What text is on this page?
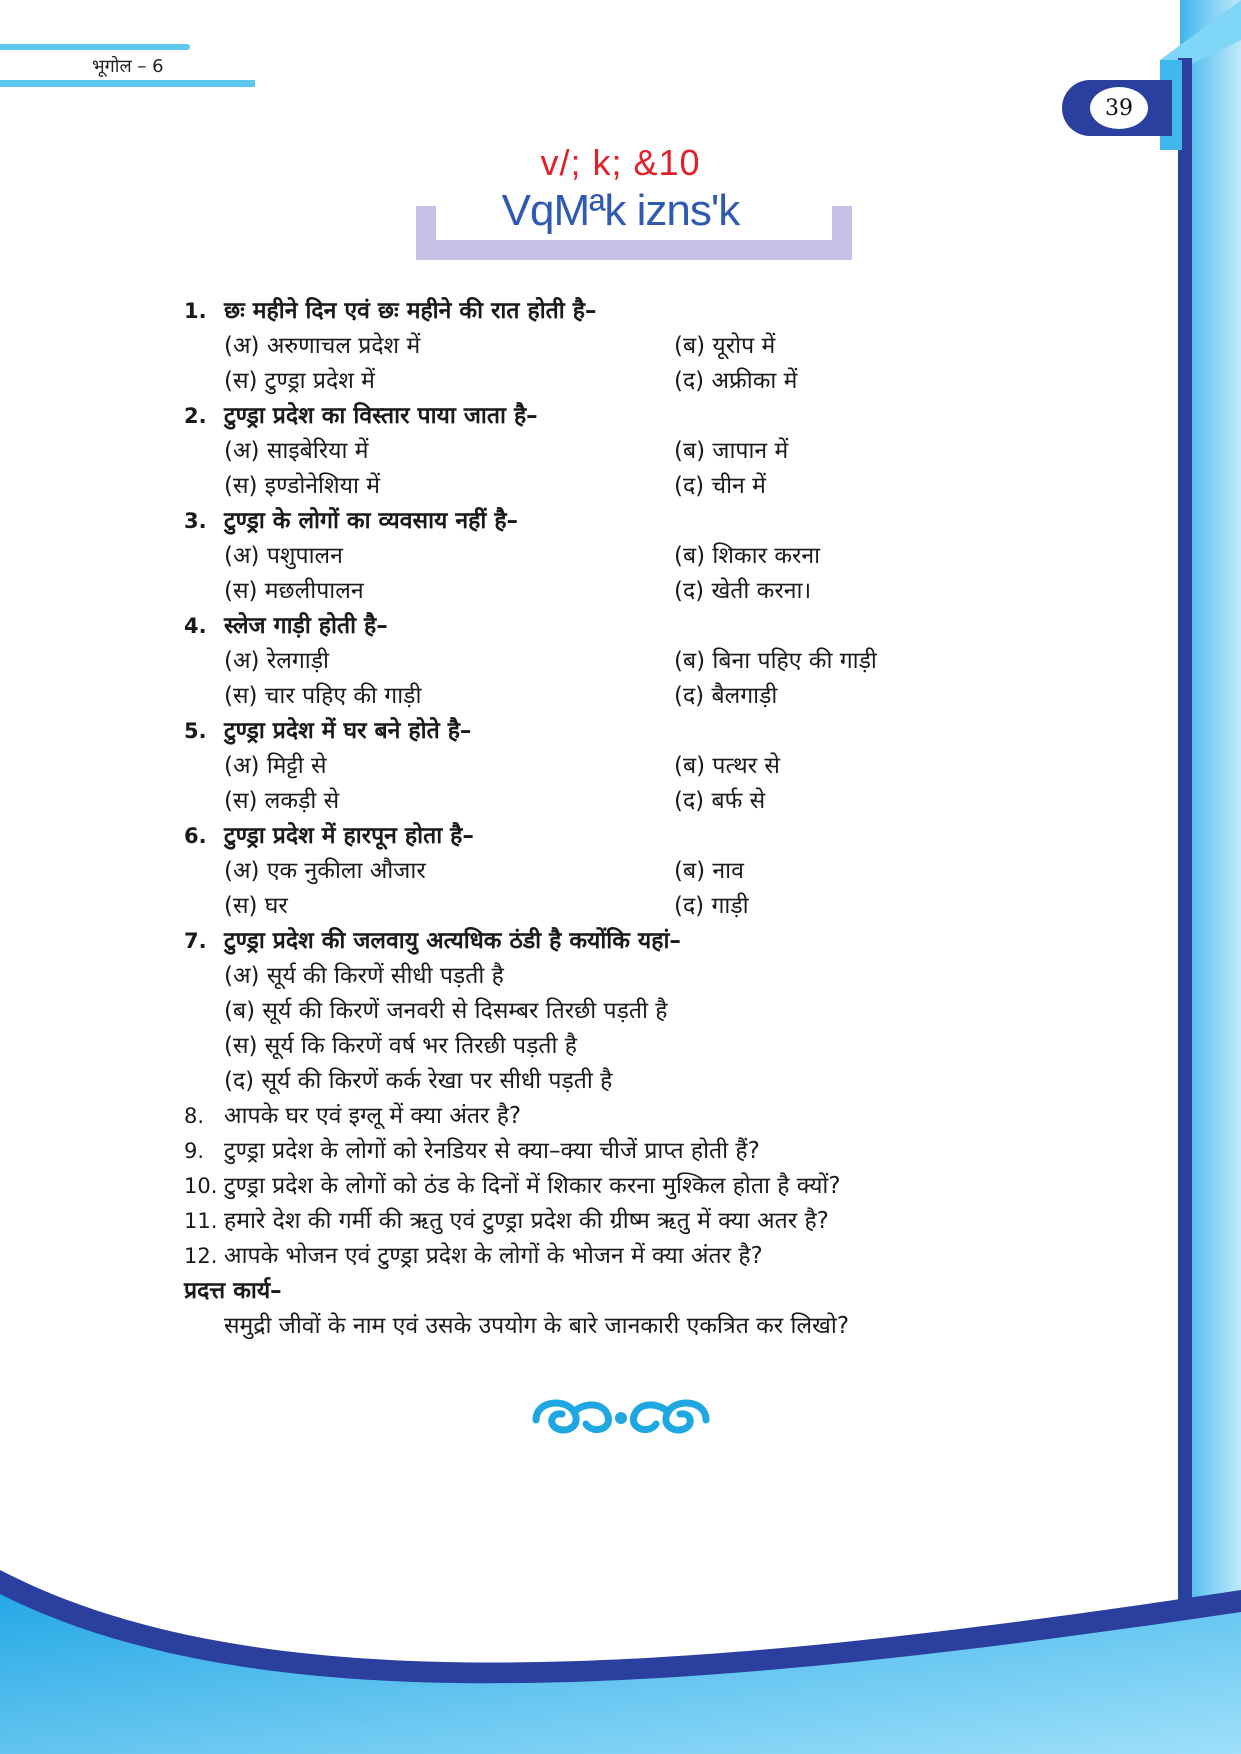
भूगोल – 6
39
v/; k; &10
VqMªk izns'k
1. छः महीने दिन एवं छः महीने की रात होती है–
(अ) अरुणाचल प्रदेश में	(ब) यूरोप में
(स) टुण्ड्रा प्रदेश में	(द) अफ्रीका में
2. टुण्ड्रा प्रदेश का विस्तार पाया जाता है–
(अ) साइबेरिया में	(ब) जापान में
(स) इण्डोनेशिया में	(द) चीन में
3. टुण्ड्रा के लोगों का व्यवसाय नहीं है–
(अ) पशुपालन	(ब) शिकार करना
(स) मछलीपालन	(द) खेती करना।
4. स्लेज गाड़ी होती है–
(अ) रेलगाड़ी	(ब) बिना पहिए की गाड़ी
(स) चार पहिए की गाड़ी	(द) बैलगाड़ी
5. टुण्ड्रा प्रदेश में घर बने होते है–
(अ) मिट्टी से	(ब) पत्थर से
(स) लकड़ी से	(द) बर्फ से
6. टुण्ड्रा प्रदेश में हारपून होता है–
(अ) एक नुकीला औजार	(ब) नाव
(स) घर	(द) गाड़ी
7. टुण्ड्रा प्रदेश की जलवायु अत्यधिक ठंडी है कयोंकि यहां–
(अ) सूर्य की किरणें सीधी पड़ती है
(ब) सूर्य की किरणें जनवरी से दिसम्बर तिरछी पड़ती है
(स) सूर्य कि किरणें वर्ष भर तिरछी पड़ती है
(द) सूर्य की किरणें कर्क रेखा पर सीधी पड़ती है
8. आपके घर एवं इग्लू में क्या अंतर है?
9. टुण्ड्रा प्रदेश के लोगों को रेनडियर से क्या–क्या चीजें प्राप्त होती हैं?
10. टुण्ड्रा प्रदेश के लोगों को ठंड के दिनों में शिकार करना मुश्किल होता है क्यों?
11. हमारे देश की गर्मी की ऋतु एवं टुण्ड्रा प्रदेश की ग्रीष्म ऋतु में क्या अतर है?
12. आपके भोजन एवं टुण्ड्रा प्रदेश के लोगों के भोजन में क्या अंतर है?
प्रदत्त कार्य–
समुद्री जीवों के नाम एवं उसके उपयोग के बारे जानकारी एकत्रित कर लिखो?
